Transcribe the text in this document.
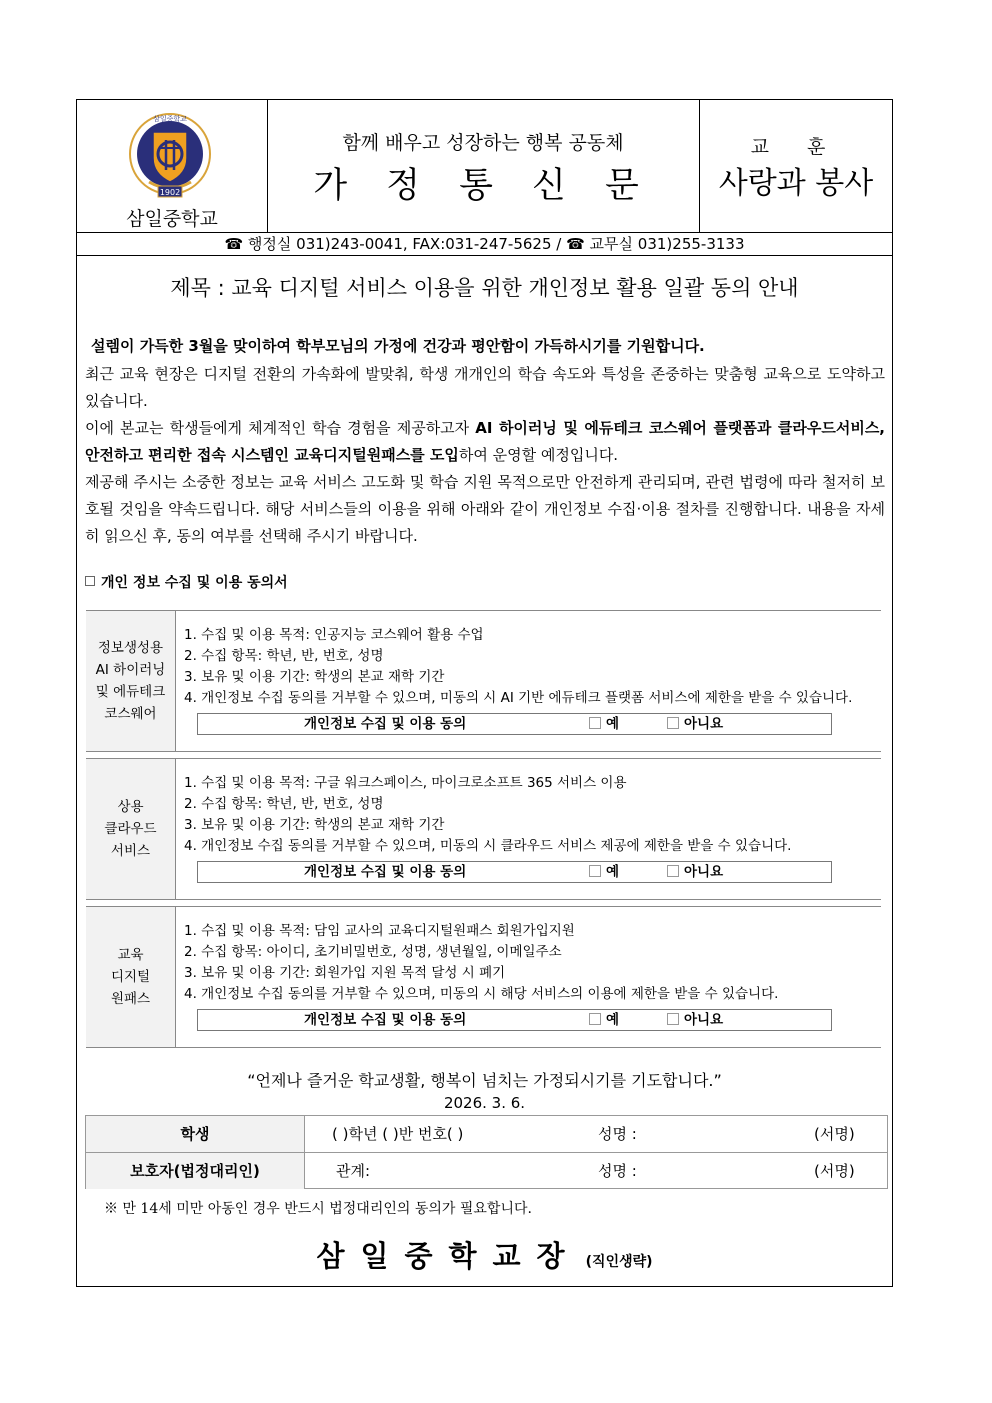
1902
삼일중학교
삼일중학교
함께 배우고 성장하는 행복 공동체
가 정 통 신 문
교 훈
사랑과 봉사
☎ 행정실 031)243-0041, FAX:031-247-5625 / ☎ 교무실 031)255-3133
제목 : 교육 디지털 서비스 이용을 위한 개인정보 활용 일괄 동의 안내
설렘이 가득한 3월을 맞이하여 학부모님의 가정에 건강과 평안함이 가득하시기를 기원합니다.
최근 교육 현장은 디지털 전환의 가속화에 발맞춰, 학생 개개인의 학습 속도와 특성을 존중하는 맞춤형 교육으로 도약하고 있습니다.
이에 본교는 학생들에게 체계적인 학습 경험을 제공하고자 AI 하이러닝 및 에듀테크 코스웨어 플랫폼과 클라우드서비스, 안전하고 편리한 접속 시스템인 교육디지털원패스를 도입하여 운영할 예정입니다.
제공해 주시는 소중한 정보는 교육 서비스 고도화 및 학습 지원 목적으로만 안전하게 관리되며, 관련 법령에 따라 철저히 보호될 것임을 약속드립니다. 해당 서비스들의 이용을 위해 아래와 같이 개인정보 수집·이용 절차를 진행합니다. 내용을 자세히 읽으신 후, 동의 여부를 선택해 주시기 바랍니다.
개인 정보 수집 및 이용 동의서
정보생성용
AI 하이러닝
및 에듀테크
코스웨어
1. 수집 및 이용 목적: 인공지능 코스웨어 활용 수업
2. 수집 항목: 학년, 반, 번호, 성명
3. 보유 및 이용 기간: 학생의 본교 재학 기간
4. 개인정보 수집 동의를 거부할 수 있으며, 미동의 시 AI 기반 에듀테크 플랫폼 서비스에 제한을 받을 수 있습니다.
개인정보 수집 및 이용 동의	예	아니요
상용
클라우드
서비스
1. 수집 및 이용 목적: 구글 워크스페이스, 마이크로소프트 365 서비스 이용
2. 수집 항목: 학년, 반, 번호, 성명
3. 보유 및 이용 기간: 학생의 본교 재학 기간
4. 개인정보 수집 동의를 거부할 수 있으며, 미동의 시 클라우드 서비스 제공에 제한을 받을 수 있습니다.
개인정보 수집 및 이용 동의	예	아니요
교육
디지털
원패스
1. 수집 및 이용 목적: 담임 교사의 교육디지털원패스 회원가입지원
2. 수집 항목: 아이디, 초기비밀번호, 성명, 생년월일, 이메일주소
3. 보유 및 이용 기간: 회원가입 지원 목적 달성 시 폐기
4. 개인정보 수집 동의를 거부할 수 있으며, 미동의 시 해당 서비스의 이용에 제한을 받을 수 있습니다.
개인정보 수집 및 이용 동의	예	아니요
“언제나 즐거운 학교생활, 행복이 넘치는 가정되시기를 기도합니다.”
2026. 3. 6.
학생	( )학년 ( )반 번호( )	성명 :	(서명)
보호자(법정대리인)	관계:	성명 :	(서명)
※ 만 14세 미만 아동인 경우 반드시 법정대리인의 동의가 필요합니다.
삼일중학교장 (직인생략)
